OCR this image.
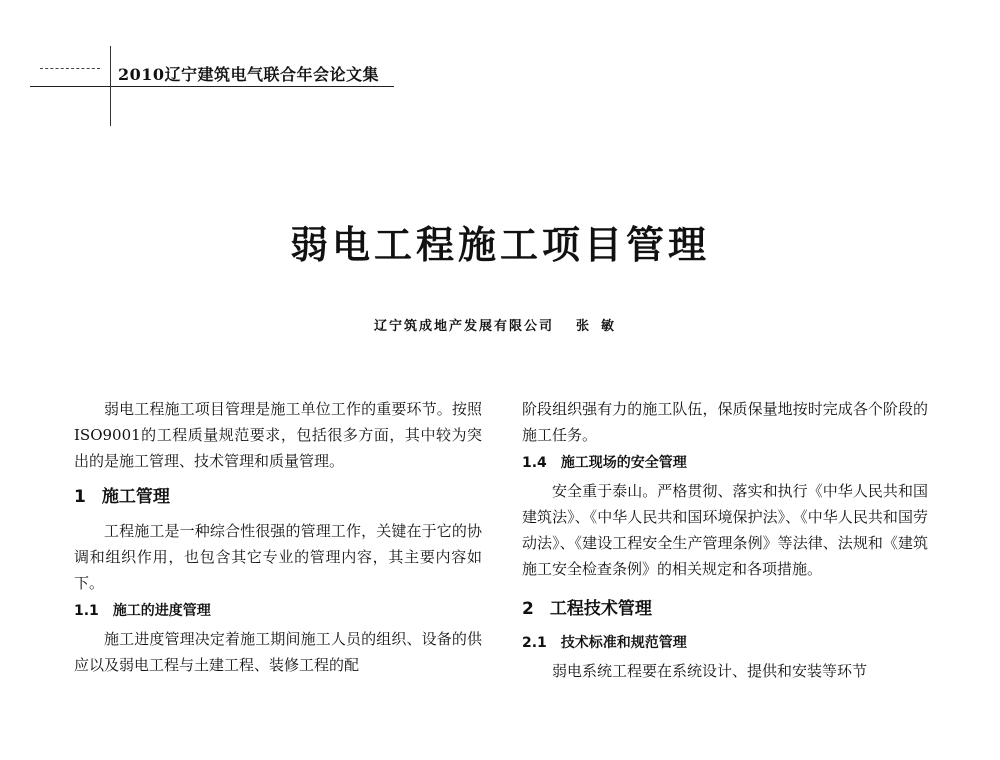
2010辽宁建筑电气联合年会论文集
弱电工程施工项目管理
辽宁筑成地产发展有限公司 张敏

弱电工程施工项目管理是施工单位工作的重要环节。按照ISO9001的工程质量规范要求，包括很多方面，其中较为突出的是施工管理、技术管理和质量管理。

1 施工管理

工程施工是一种综合性很强的管理工作，关键在于它的协调和组织作用，也包含其它专业的管理内容，其主要内容如下。

1.1 施工的进度管理

施工进度管理决定着施工期间施工人员的组织、设备的供应以及弱电工程与土建工程、装修工程的配

阶段组织强有力的施工队伍，保质保量地按时完成各个阶段的施工任务。

1.4 施工现场的安全管理

安全重于泰山。严格贯彻、落实和执行《中华人民共和国建筑法》、《中华人民共和国环境保护法》、《中华人民共和国劳动法》、《建设工程安全生产管理条例》等法律、法规和《建筑施工安全检查条例》的相关规定和各项措施。

2 工程技术管理
2.1 技术标准和规范管理

弱电系统工程要在系统设计、提供和安装等环节
